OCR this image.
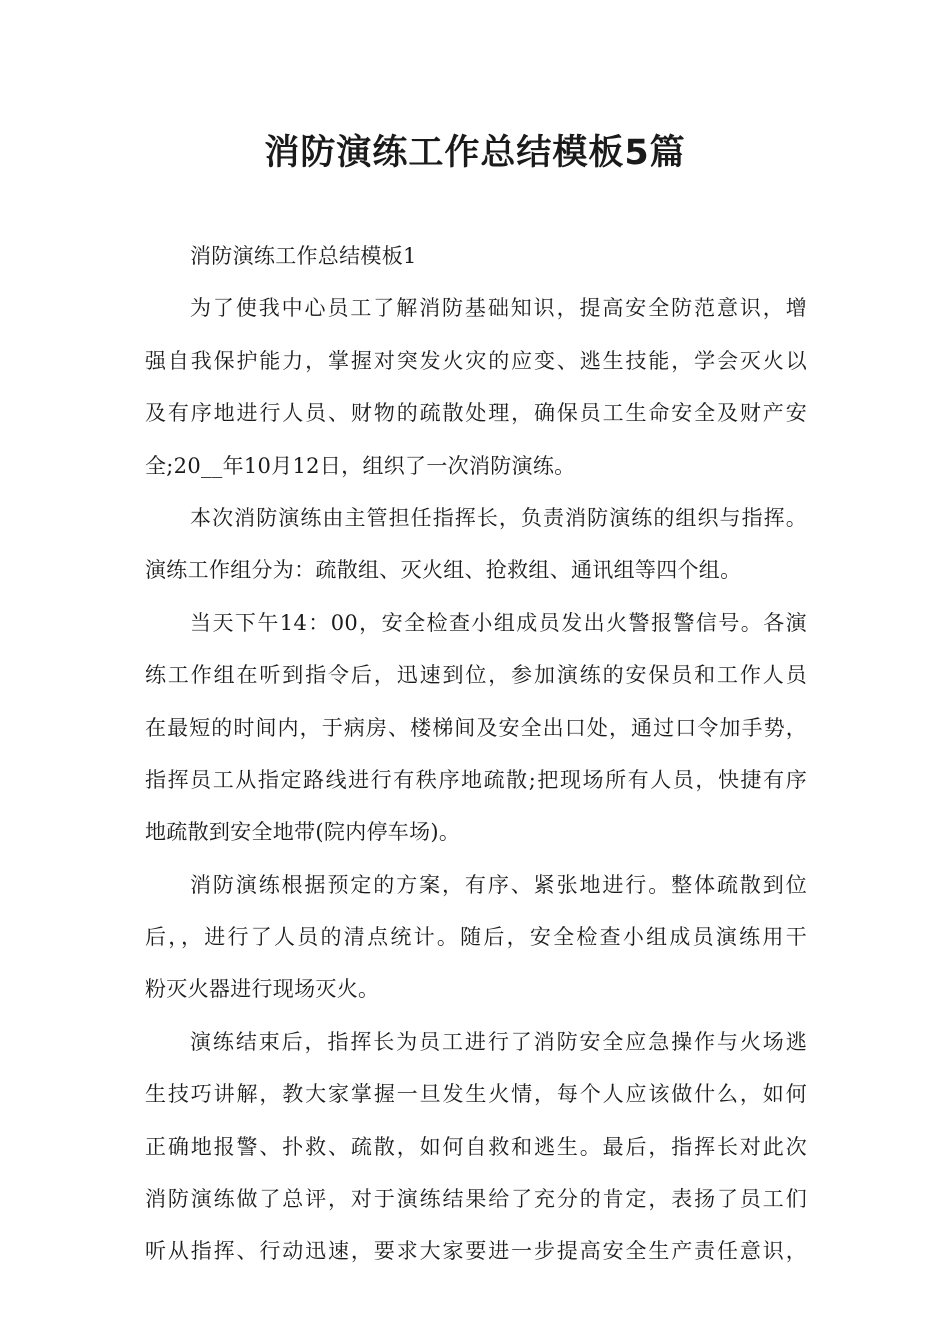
消防演练工作总结模板5篇
消防演练工作总结模板1
为了使我中心员工了解消防基础知识，提高安全防范意识，增
强自我保护能力，掌握对突发火灾的应变、逃生技能，学会灭火以
及有序地进行人员、财物的疏散处理，确保员工生命安全及财产安
全;20__年10月12日，组织了一次消防演练。
本次消防演练由主管担任指挥长，负责消防演练的组织与指挥。
演练工作组分为：疏散组、灭火组、抢救组、通讯组等四个组。
当天下午14：00，安全检查小组成员发出火警报警信号。各演
练工作组在听到指令后，迅速到位，参加演练的安保员和工作人员
在最短的时间内，于病房、楼梯间及安全出口处，通过口令加手势，
指挥员工从指定路线进行有秩序地疏散;把现场所有人员，快捷有序
地疏散到安全地带(院内停车场)。
消防演练根据预定的方案，有序、紧张地进行。整体疏散到位
后，，进行了人员的清点统计。随后，安全检查小组成员演练用干
粉灭火器进行现场灭火。
演练结束后，指挥长为员工进行了消防安全应急操作与火场逃
生技巧讲解，教大家掌握一旦发生火情，每个人应该做什么，如何
正确地报警、扑救、疏散，如何自救和逃生。最后，指挥长对此次
消防演练做了总评，对于演练结果给了充分的肯定，表扬了员工们
听从指挥、行动迅速，要求大家要进一步提高安全生产责任意识，
